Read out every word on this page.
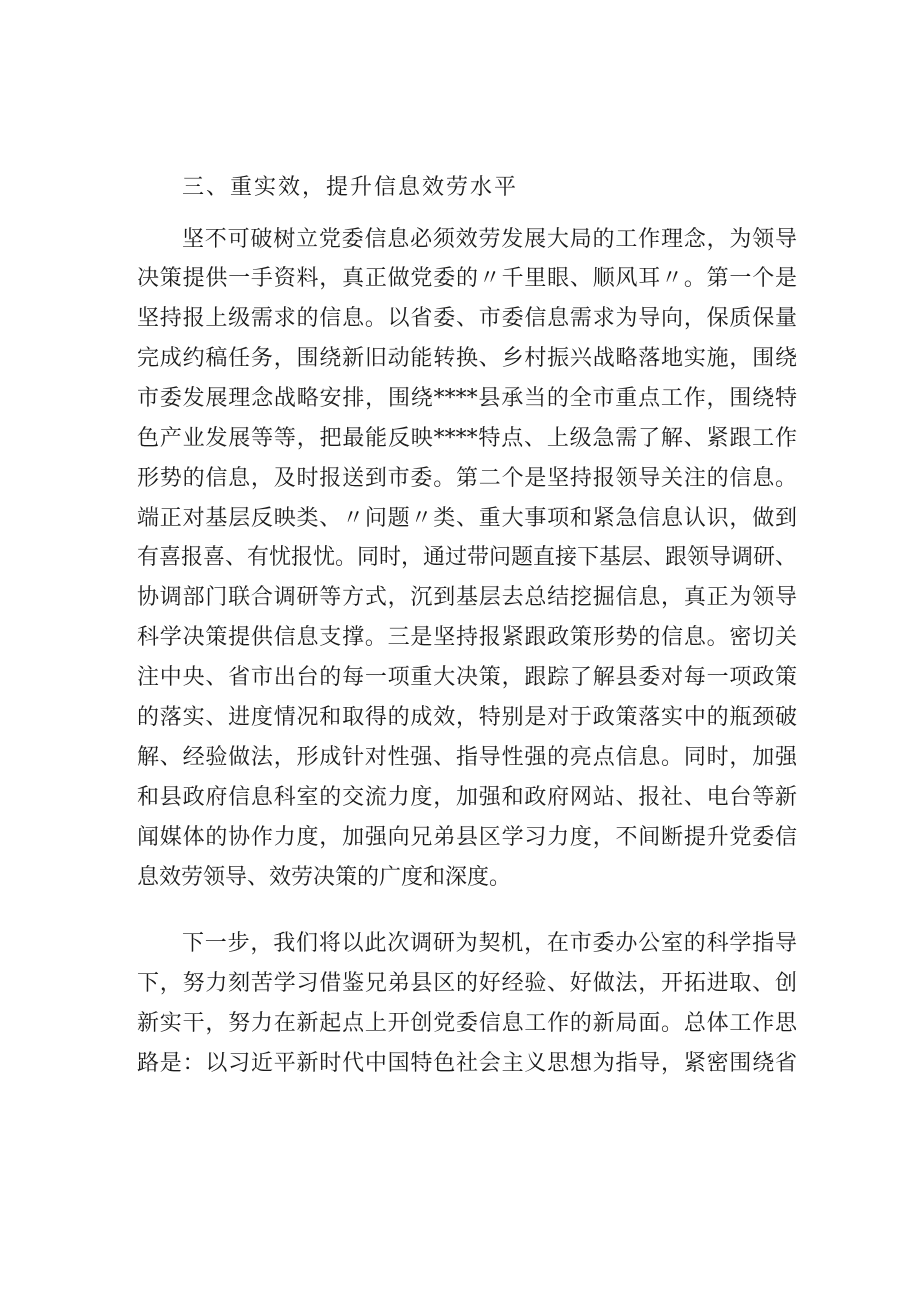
三、重实效，提升信息效劳水平
坚不可破树立党委信息必须效劳发展大局的工作理念，为领导
决策提供一手资料，真正做党委的〃千里眼、顺风耳〃。第一个是
坚持报上级需求的信息。以省委、市委信息需求为导向，保质保量
完成约稿任务，围绕新旧动能转换、乡村振兴战略落地实施，围绕
市委发展理念战略安排，围绕****县承当的全市重点工作，围绕特
色产业发展等等，把最能反映****特点、上级急需了解、紧跟工作
形势的信息，及时报送到市委。第二个是坚持报领导关注的信息。
端正对基层反映类、〃问题〃类、重大事项和紧急信息认识，做到
有喜报喜、有忧报忧。同时，通过带问题直接下基层、跟领导调研、
协调部门联合调研等方式，沉到基层去总结挖掘信息，真正为领导
科学决策提供信息支撑。三是坚持报紧跟政策形势的信息。密切关
注中央、省市出台的每一项重大决策，跟踪了解县委对每一项政策
的落实、进度情况和取得的成效，特别是对于政策落实中的瓶颈破
解、经验做法，形成针对性强、指导性强的亮点信息。同时，加强
和县政府信息科室的交流力度，加强和政府网站、报社、电台等新
闻媒体的协作力度，加强向兄弟县区学习力度，不间断提升党委信
息效劳领导、效劳决策的广度和深度。
下一步，我们将以此次调研为契机，在市委办公室的科学指导
下，努力刻苦学习借鉴兄弟县区的好经验、好做法，开拓进取、创
新实干，努力在新起点上开创党委信息工作的新局面。总体工作思
路是：以习近平新时代中国特色社会主义思想为指导，紧密围绕省
